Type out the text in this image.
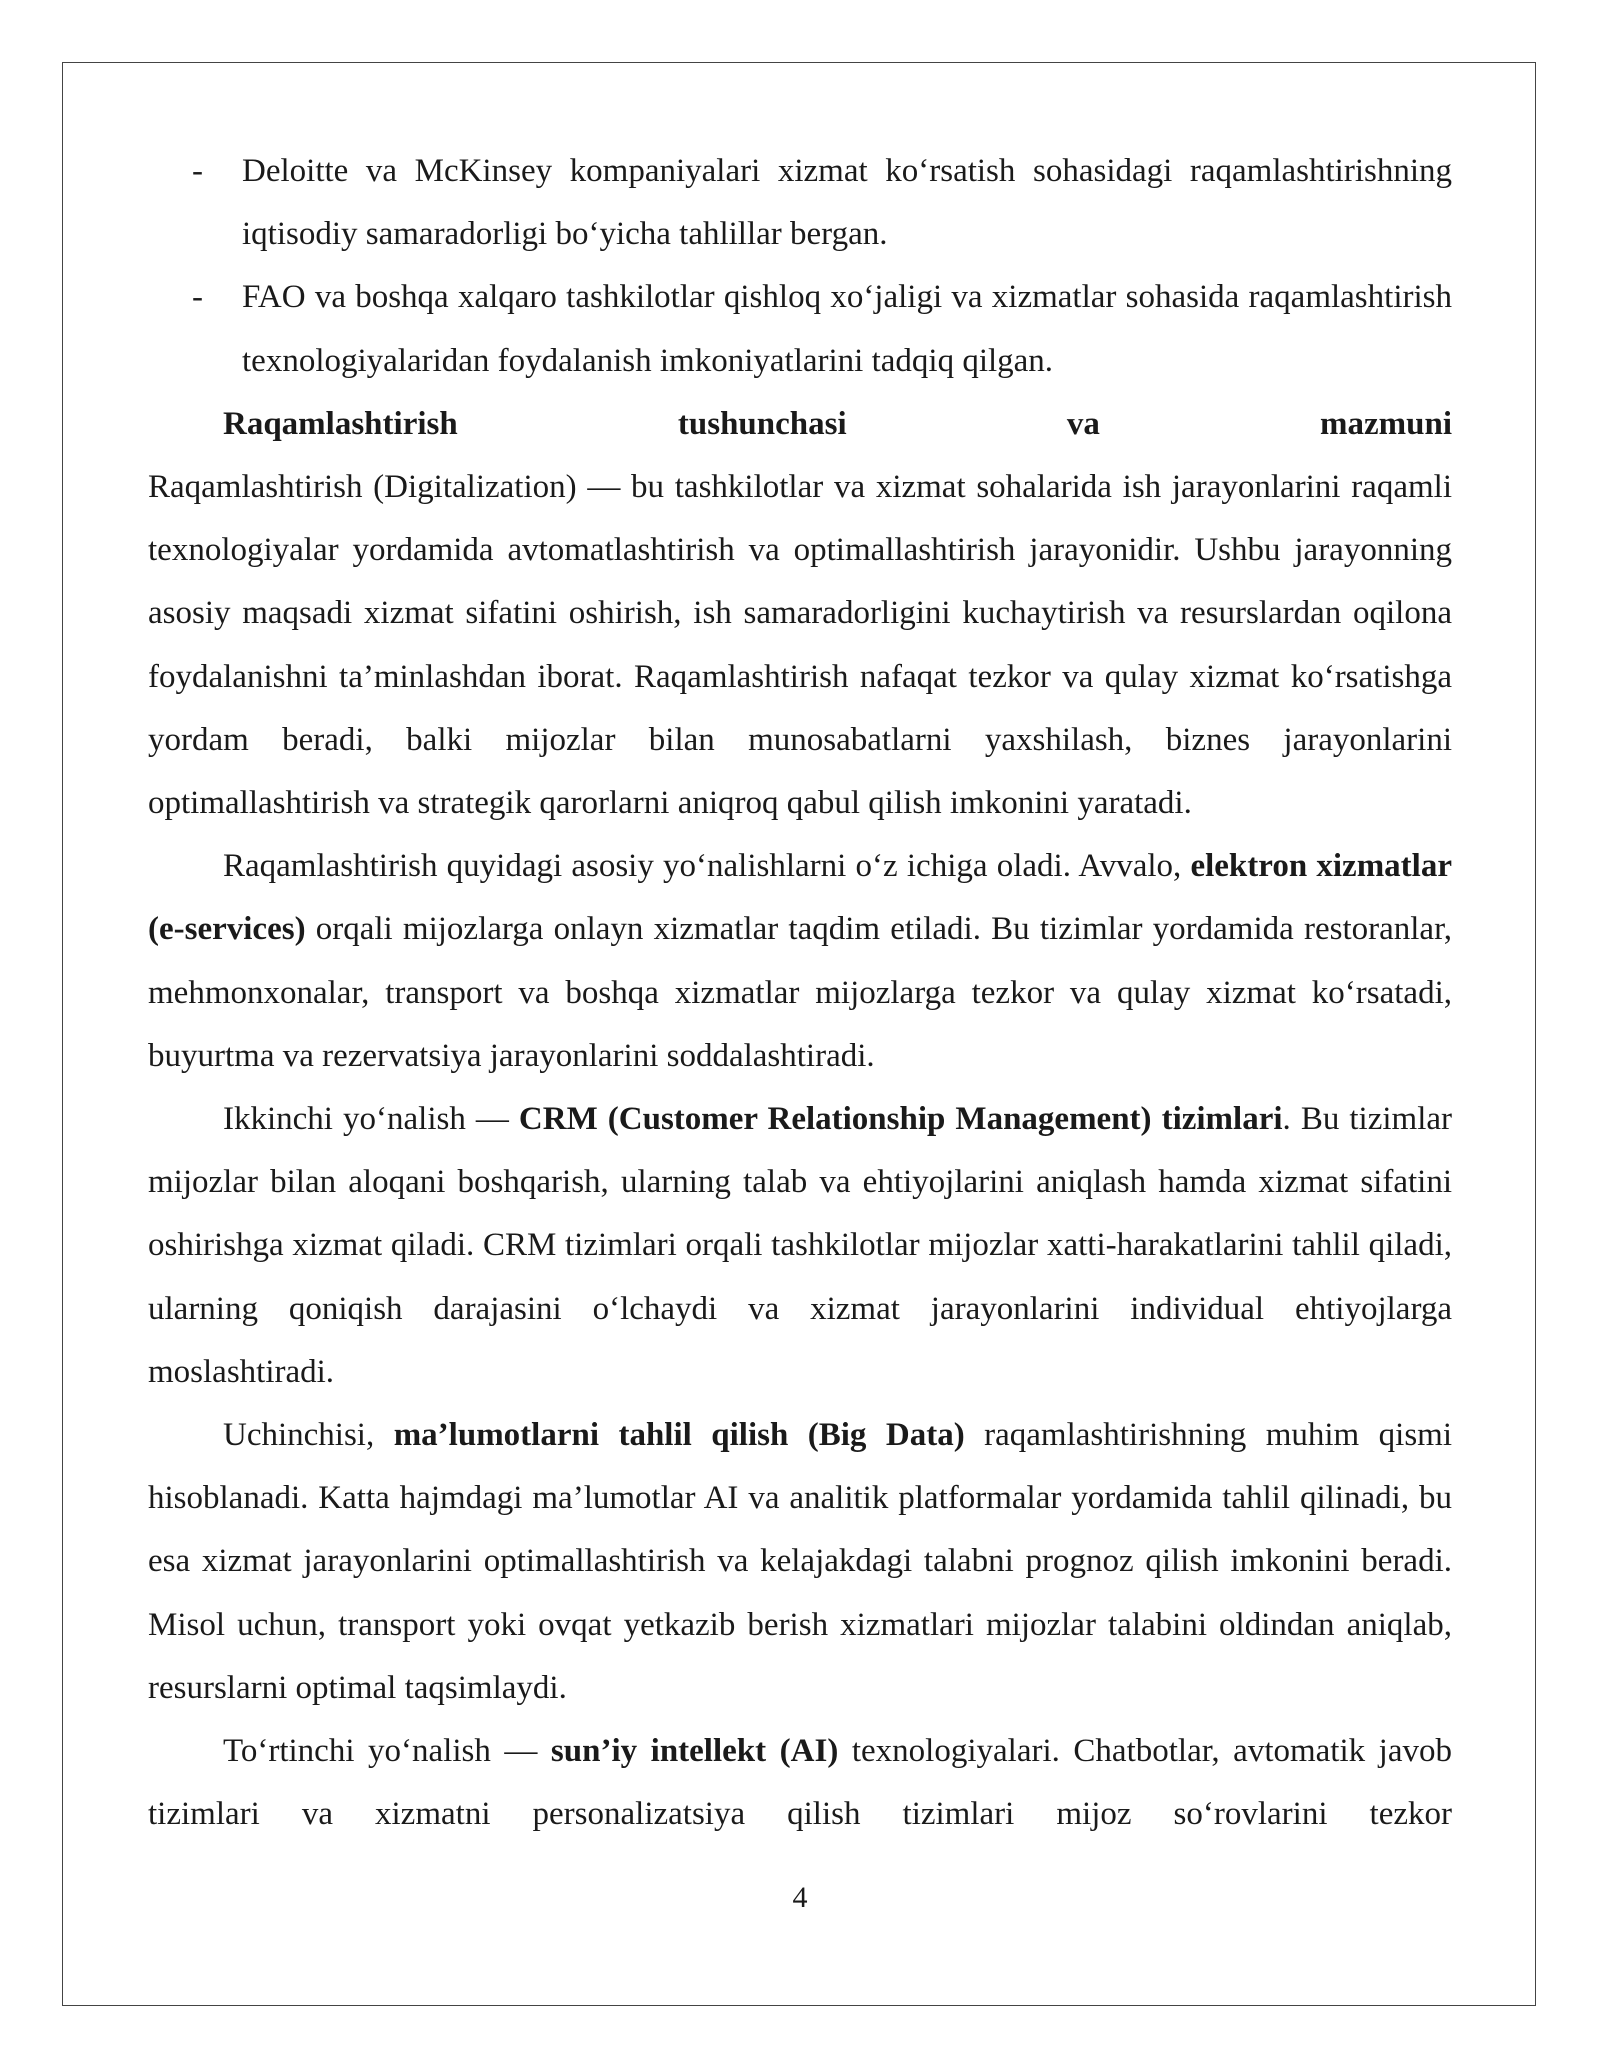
- Deloitte va McKinsey kompaniyalari xizmat ko‘rsatish sohasidagi raqamlashtirishning iqtisodiy samaradorligi bo‘yicha tahlillar bergan.

- FAO va boshqa xalqaro tashkilotlar qishloq xo‘jaligi va xizmatlar sohasida raqamlashtirish texnologiyalaridan foydalanish imkoniyatlarini tadqiq qilgan.

Raqamlashtirish	tushunchasi	va	mazmuni

Raqamlashtirish (Digitalization) — bu tashkilotlar va xizmat sohalarida ish jarayonlarini raqamli texnologiyalar yordamida avtomatlashtirish va optimallashtirish jarayonidir. Ushbu jarayonning asosiy maqsadi xizmat sifatini oshirish, ish samaradorligini kuchaytirish va resurslardan oqilona foydalanishni ta’minlashdan iborat. Raqamlashtirish nafaqat tezkor va qulay xizmat ko‘rsatishga yordam beradi, balki mijozlar bilan munosabatlarni yaxshilash, biznes jarayonlarini optimallashtirish va strategik qarorlarni aniqroq qabul qilish imkonini yaratadi.

Raqamlashtirish quyidagi asosiy yo‘nalishlarni o‘z ichiga oladi. Avvalo, elektron xizmatlar (e-services) orqali mijozlarga onlayn xizmatlar taqdim etiladi. Bu tizimlar yordamida restoranlar, mehmonxonalar, transport va boshqa xizmatlar mijozlarga tezkor va qulay xizmat ko‘rsatadi, buyurtma va rezervatsiya jarayonlarini soddalashtiradi.

Ikkinchi yo‘nalish — CRM (Customer Relationship Management) tizimlari. Bu tizimlar mijozlar bilan aloqani boshqarish, ularning talab va ehtiyojlarini aniqlash hamda xizmat sifatini oshirishga xizmat qiladi. CRM tizimlari orqali tashkilotlar mijozlar xatti-harakatlarini tahlil qiladi, ularning qoniqish darajasini o‘lchaydi va xizmat jarayonlarini individual ehtiyojlarga moslashtiradi.

Uchinchisi, ma’lumotlarni tahlil qilish (Big Data) raqamlashtirishning muhim qismi hisoblanadi. Katta hajmdagi ma’lumotlar AI va analitik platformalar yordamida tahlil qilinadi, bu esa xizmat jarayonlarini optimallashtirish va kelajakdagi talabni prognoz qilish imkonini beradi. Misol uchun, transport yoki ovqat yetkazib berish xizmatlari mijozlar talabini oldindan aniqlab, resurslarni optimal taqsimlaydi.

To‘rtinchi yo‘nalish — sun’iy intellekt (AI) texnologiyalari. Chatbotlar, avtomatik javob tizimlari va xizmatni personalizatsiya qilish tizimlari mijoz so‘rovlarini tezkor

4
